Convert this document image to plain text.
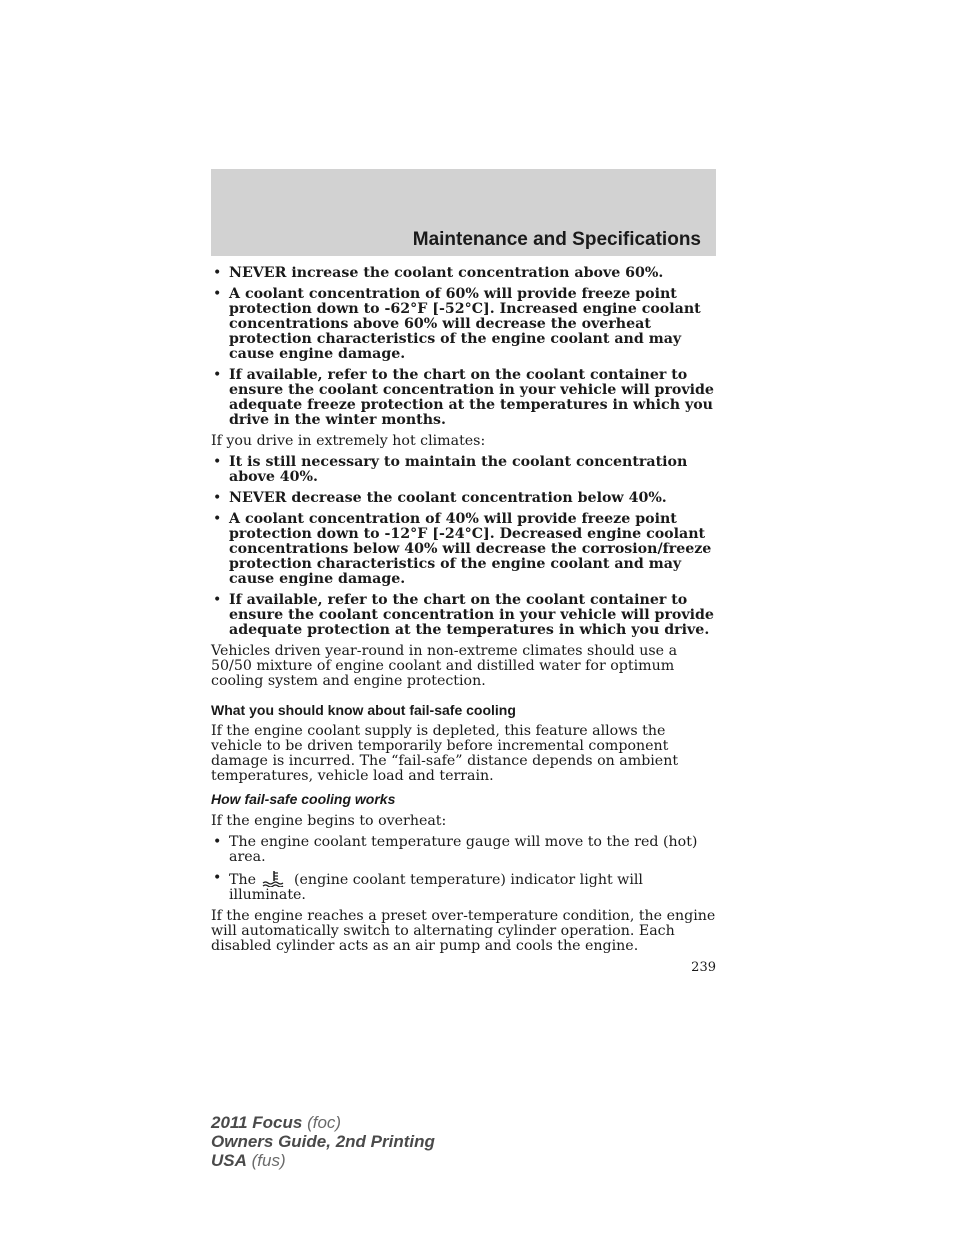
Maintenance and Specifications
• NEVER increase the coolant concentration above 60%.
• A coolant concentration of 60% will provide freeze point protection down to -62°F [-52°C]. Increased engine coolant concentrations above 60% will decrease the overheat protection characteristics of the engine coolant and may cause engine damage.
• If available, refer to the chart on the coolant container to ensure the coolant concentration in your vehicle will provide adequate freeze protection at the temperatures in which you drive in the winter months.

If you drive in extremely hot climates:

• It is still necessary to maintain the coolant concentration above 40%.
• NEVER decrease the coolant concentration below 40%.
• A coolant concentration of 40% will provide freeze point protection down to -12°F [-24°C]. Decreased engine coolant concentrations below 40% will decrease the corrosion/freeze protection characteristics of the engine coolant and may cause engine damage.
• If available, refer to the chart on the coolant container to ensure the coolant concentration in your vehicle will provide adequate protection at the temperatures in which you drive.

Vehicles driven year-round in non-extreme climates should use a 50/50 mixture of engine coolant and distilled water for optimum cooling system and engine protection.

What you should know about fail-safe cooling

If the engine coolant supply is depleted, this feature allows the vehicle to be driven temporarily before incremental component damage is incurred. The “fail-safe” distance depends on ambient temperatures, vehicle load and terrain.

How fail-safe cooling works

If the engine begins to overheat:

• The engine coolant temperature gauge will move to the red (hot) area.
• The	(engine coolant temperature) indicator light will illuminate.

If the engine reaches a preset over-temperature condition, the engine will automatically switch to alternating cylinder operation. Each disabled cylinder acts as an air pump and cools the engine.

239
2011 Focus (foc)
Owners Guide, 2nd Printing
USA (fus)
